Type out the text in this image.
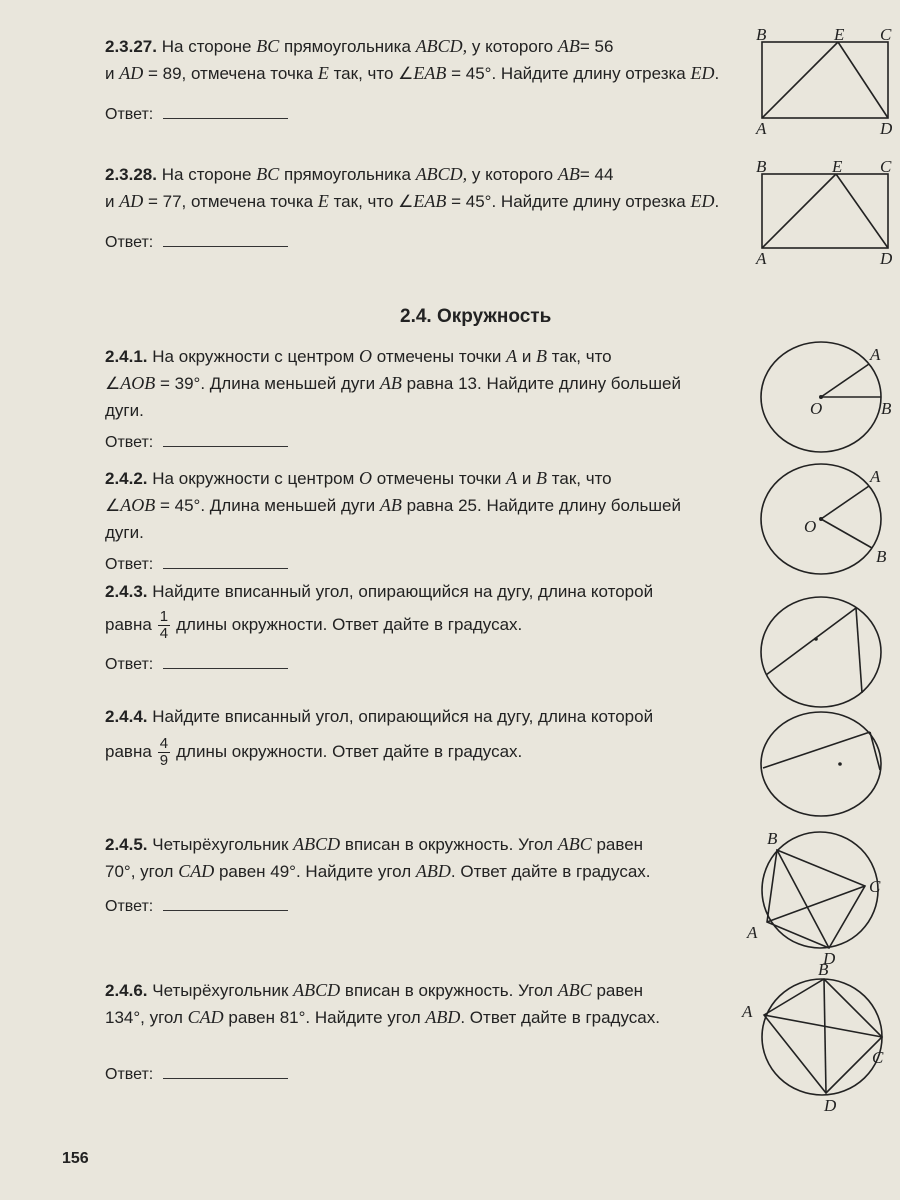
2.3.27. На стороне BC прямоугольника ABCD, у которого AB= 56
и AD = 89, отмечена точка E так, что ∠EAB = 45°. Найдите длину отрезка ED.
Ответ:
B	E C
A	D
2.3.28. На стороне BC прямоугольника ABCD, у которого AB= 44
и AD = 77, отмечена точка E так, что ∠EAB = 45°. Найдите длину отрезка ED.
Ответ:
B	E C
A	D
2.4. Окружность
2.4.1. На окружности с центром O отмечены точки A и B так, что
∠AOB = 39°. Длина меньшей дуги AB равна 13. Найдите длину большей
дуги.
Ответ:
A
O	B
2.4.2. На окружности с центром O отмечены точки A и B так, что
∠AOB = 45°. Длина меньшей дуги AB равна 25. Найдите длину большей
дуги.
Ответ:
A
O
B
2.4.3. Найдите вписанный угол, опирающийся на дугу, длина которой

равна $\frac{1}{4}$ длины окружности. Ответ дайте в градусах.
Ответ:
2.4.4. Найдите вписанный угол, опирающийся на дугу, длина которой

равна $\frac{4}{9}$ длины окружности. Ответ дайте в градусах.
2.4.5. Четырёхугольник ABCD вписан в окружность. Угол ABC равен
70°, угол CAD равен 49°. Найдите угол ABD. Ответ дайте в градусах.
Ответ:
B
C
A
D
2.4.6. Четырёхугольник ABCD вписан в окружность. Угол ABC равен
134°, угол CAD равен 81°. Найдите угол ABD. Ответ дайте в градусах.
Ответ:
A
B
C
D
156
